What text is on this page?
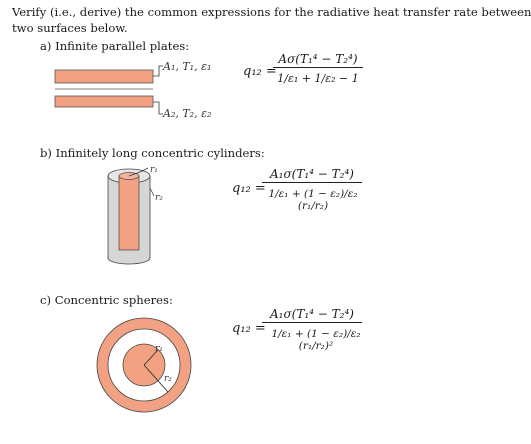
Verify (i.e., derive) the common expressions for the radiative heat transfer rate between
two surfaces below.
a) Infinite parallel plates:
A₁, T₁, ε₁
A₂, T₂, ε₂
q₁₂ =
Aσ(T₁⁴ − T₂⁴)
1/ε₁ + 1/ε₂ − 1
b) Infinitely long concentric cylinders:
r₁
r₂
q₁₂ =
A₁σ(T₁⁴ − T₂⁴)
1/ε₁ + (1 − ε₂)/ε₂ (r₁/r₂)
c) Concentric spheres:
r₁
r₂
q₁₂ =
A₁σ(T₁⁴ − T₂⁴)
1/ε₁ + (1 − ε₂)/ε₂ (r₁/r₂)²
